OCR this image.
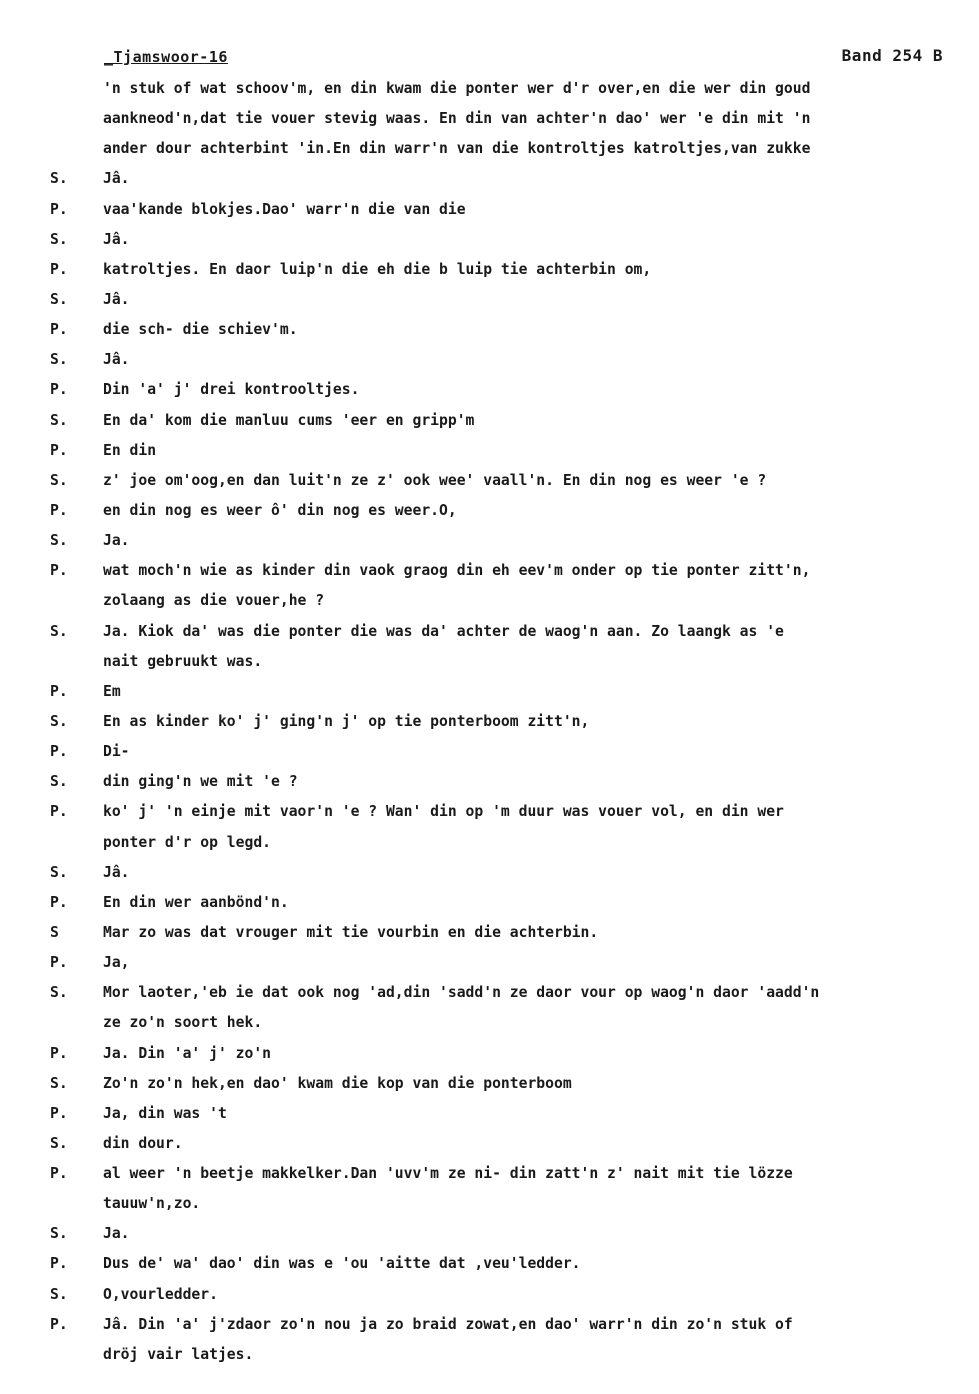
_Tjamswoor-16	Band 254 B
'n stuk of wat schoov'm, en din kwam die ponter wer d'r over,en die wer din goud
aankneod'n,dat tie vouer stevig waas. En din van achter'n dao' wer 'e din mit 'n
ander dour achterbint 'in.En din warr'n van die kontroltjes katroltjes,van zukke
S. Jâ.
P. vaa'kande blokjes.Dao' warr'n die van die
S. Jâ.
P. katroltjes. En daor luip'n die eh die b luip tie achterbin om,
S. Jâ.
P. die sch- die schiev'm.
S. Jâ.
P. Din 'a' j' drei kontrooltjes.
S. En da' kom die manluu cums 'eer en gripp'm
P. En din
S. z' joe om'oog,en dan luit'n ze z' ook wee' vaall'n. En din nog es weer 'e ?
P. en din nog es weer ô' din nog es weer.O,
S. Ja.
P. wat moch'n wie as kinder din vaok graog din eh eev'm onder op tie ponter zitt'n,
zolaang as die vouer,he ?
S. Ja. Kiok da' was die ponter die was da' achter de waog'n aan. Zo laangk as 'e
nait gebruukt was.
P. Em
S. En as kinder ko' j' ging'n j' op tie ponterboom zitt'n,
P. Di-
S. din ging'n we mit 'e ?
P. ko' j' 'n einje mit vaor'n 'e ? Wan' din op 'm duur was vouer vol, en din wer
ponter d'r op legd.
S. Jâ.
P. En din wer aanbönd'n.
S	Mar zo was dat vrouger mit tie vourbin en die achterbin.
P. Ja,
S. Mor laoter,'eb ie dat ook nog 'ad,din 'sadd'n ze daor vour op waog'n daor 'aadd'n
ze zo'n soort hek.
P. Ja. Din 'a' j' zo'n
S. Zo'n zo'n hek,en dao' kwam die kop van die ponterboom
P. Ja, din was 't
S. din dour.
P. al weer 'n beetje makkelker.Dan 'uvv'm ze ni- din zatt'n z' nait mit tie lözze
tauuw'n,zo.
S. Ja.
P. Dus de' wa' dao' din was e 'ou 'aitte dat ,veu'ledder.
S. O,vourledder.
P. Jâ. Din 'a' j'zdaor zo'n nou ja zo braid zowat,en dao' warr'n din zo'n stuk of
dröj vair latjes.
